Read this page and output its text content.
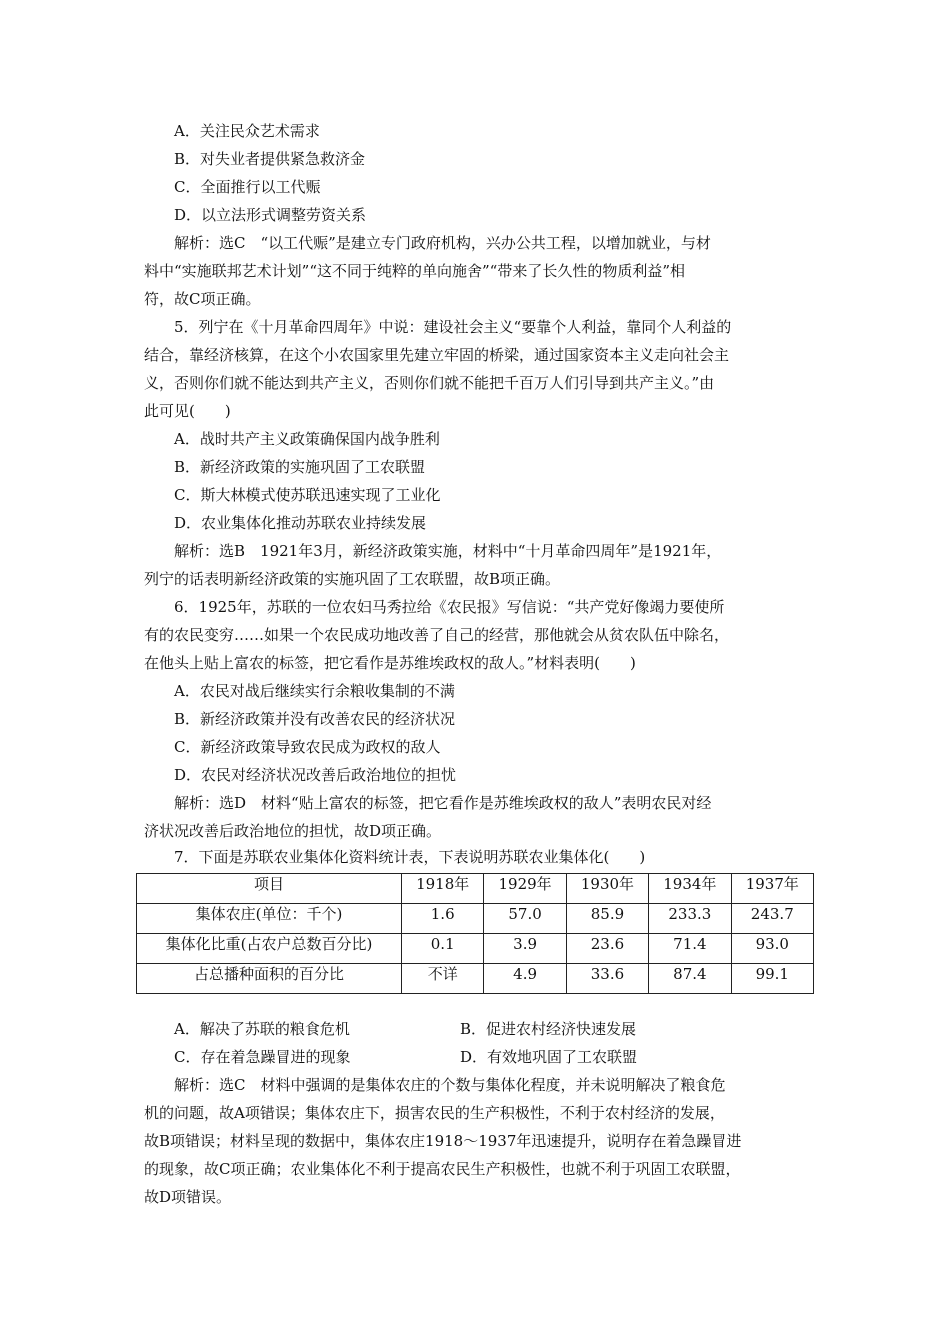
A．关注民众艺术需求
B．对失业者提供紧急救济金
C．全面推行以工代赈
D．以立法形式调整劳资关系
解析：选C　“以工代赈”是建立专门政府机构，兴办公共工程，以增加就业，与材
料中“实施联邦艺术计划”“这不同于纯粹的单向施舍”“带来了长久性的物质利益”相
符，故C项正确。
5．列宁在《十月革命四周年》中说：建设社会主义“要靠个人利益，靠同个人利益的
结合，靠经济核算，在这个小农国家里先建立牢固的桥梁，通过国家资本主义走向社会主
义，否则你们就不能达到共产主义，否则你们就不能把千百万人们引导到共产主义。”由
此可见(　　)
A．战时共产主义政策确保国内战争胜利
B．新经济政策的实施巩固了工农联盟
C．斯大林模式使苏联迅速实现了工业化
D．农业集体化推动苏联农业持续发展
解析：选B　1921年3月，新经济政策实施，材料中“十月革命四周年”是1921年，
列宁的话表明新经济政策的实施巩固了工农联盟，故B项正确。
6．1925年，苏联的一位农妇马秀拉给《农民报》写信说：“共产党好像竭力要使所
有的农民变穷……如果一个农民成功地改善了自己的经营，那他就会从贫农队伍中除名，
在他头上贴上富农的标签，把它看作是苏维埃政权的敌人。”材料表明(　　)
A．农民对战后继续实行余粮收集制的不满
B．新经济政策并没有改善农民的经济状况
C．新经济政策导致农民成为政权的敌人
D．农民对经济状况改善后政治地位的担忧
解析：选D　材料“贴上富农的标签，把它看作是苏维埃政权的敌人”表明农民对经
济状况改善后政治地位的担忧，故D项正确。
7．下面是苏联农业集体化资料统计表，下表说明苏联农业集体化(　　)
项目	1918年	1929年	1930年	1934年	1937年
集体农庄(单位：千个)	1.6	57.0	85.9	233.3	243.7
集体化比重(占农户总数百分比)	0.1	3.9	23.6	71.4	93.0
占总播种面积的百分比	不详	4.9	33.6	87.4	99.1
A．解决了苏联的粮食危机	B．促进农村经济快速发展
C．存在着急躁冒进的现象	D．有效地巩固了工农联盟
解析：选C　材料中强调的是集体农庄的个数与集体化程度，并未说明解决了粮食危
机的问题，故A项错误；集体农庄下，损害农民的生产积极性，不利于农村经济的发展，
故B项错误；材料呈现的数据中，集体农庄1918～1937年迅速提升，说明存在着急躁冒进
的现象，故C项正确；农业集体化不利于提高农民生产积极性，也就不利于巩固工农联盟，
故D项错误。
